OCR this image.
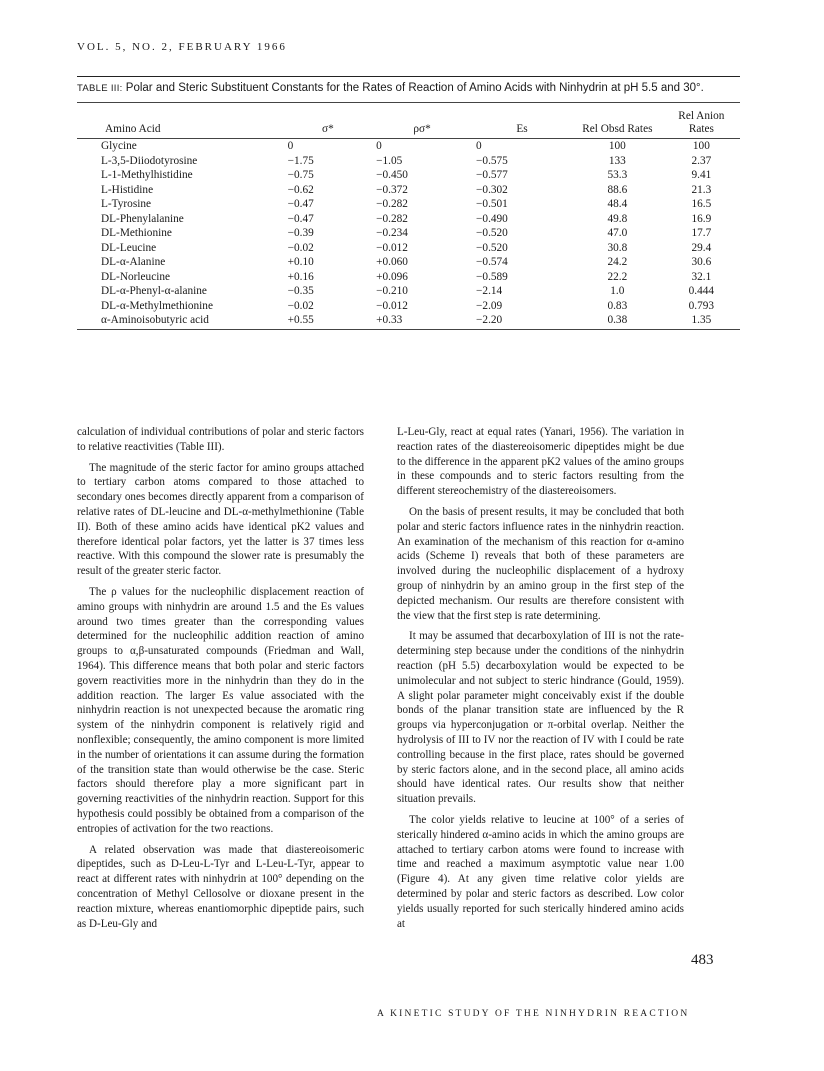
VOL. 5, NO. 2, FEBRUARY 1966
TABLE III: Polar and Steric Substituent Constants for the Rates of Reaction of Amino Acids with Ninhydrin at pH 5.5 and 30°.
Amino Acid	σ*	ρσ*	Es	Rel Obsd Rates	Rel Anion Rates
Glycine	0	0	0	100	100
L-3,5-Diiodotyrosine	−1.75	−1.05	−0.575	133	2.37
L-1-Methylhistidine	−0.75	−0.450	−0.577	53.3	9.41
L-Histidine	−0.62	−0.372	−0.302	88.6	21.3
L-Tyrosine	−0.47	−0.282	−0.501	48.4	16.5
DL-Phenylalanine	−0.47	−0.282	−0.490	49.8	16.9
DL-Methionine	−0.39	−0.234	−0.520	47.0	17.7
DL-Leucine	−0.02	−0.012	−0.520	30.8	29.4
DL-α-Alanine	+0.10	+0.060	−0.574	24.2	30.6
DL-Norleucine	+0.16	+0.096	−0.589	22.2	32.1
DL-α-Phenyl-α-alanine	−0.35	−0.210	−2.14	1.0	0.444
DL-α-Methylmethionine	−0.02	−0.012	−2.09	0.83	0.793
α-Aminoisobutyric acid	+0.55	+0.33	−2.20	0.38	1.35

calculation of individual contributions of polar and steric factors to relative reactivities (Table III).

The magnitude of the steric factor for amino groups attached to tertiary carbon atoms compared to those attached to secondary ones becomes directly apparent from a comparison of relative rates of DL-leucine and DL-α-methylmethionine (Table II). Both of these amino acids have identical pK2 values and therefore identical polar factors, yet the latter is 37 times less reactive. With this compound the slower rate is presumably the result of the greater steric factor.

The ρ values for the nucleophilic displacement reaction of amino groups with ninhydrin are around 1.5 and the Es values around two times greater than the corresponding values determined for the nucleophilic addition reaction of amino groups to α,β-unsaturated compounds (Friedman and Wall, 1964). This difference means that both polar and steric factors govern reactivities more in the ninhydrin than they do in the addition reaction. The larger Es value associated with the ninhydrin reaction is not unexpected because the aromatic ring system of the ninhydrin component is relatively rigid and nonflexible; consequently, the amino component is more limited in the number of orientations it can assume during the formation of the transition state than would otherwise be the case. Steric factors should therefore play a more significant part in governing reactivities of the ninhydrin reaction. Support for this hypothesis could possibly be obtained from a comparison of the entropies of activation for the two reactions.

A related observation was made that diastereoisomeric dipeptides, such as D-Leu-L-Tyr and L-Leu-L-Tyr, appear to react at different rates with ninhydrin at 100° depending on the concentration of Methyl Cellosolve or dioxane present in the reaction mixture, whereas enantiomorphic dipeptide pairs, such as D-Leu-Gly and

L-Leu-Gly, react at equal rates (Yanari, 1956). The variation in reaction rates of the diastereoisomeric dipeptides might be due to the difference in the apparent pK2 values of the amino groups in these compounds and to steric factors resulting from the different stereochemistry of the diastereoisomers.

On the basis of present results, it may be concluded that both polar and steric factors influence rates in the ninhydrin reaction. An examination of the mechanism of this reaction for α-amino acids (Scheme I) reveals that both of these parameters are involved during the nucleophilic displacement of a hydroxy group of ninhydrin by an amino group in the first step of the depicted mechanism. Our results are therefore consistent with the view that the first step is rate determining.

It may be assumed that decarboxylation of III is not the rate-determining step because under the conditions of the ninhydrin reaction (pH 5.5) decarboxylation would be expected to be unimolecular and not subject to steric hindrance (Gould, 1959). A slight polar parameter might conceivably exist if the double bonds of the planar transition state are influenced by the R groups via hyperconjugation or π-orbital overlap. Neither the hydrolysis of III to IV nor the reaction of IV with I could be rate controlling because in the first place, rates should be governed by steric factors alone, and in the second place, all amino acids should have identical rates. Our results show that neither situation prevails.

The color yields relative to leucine at 100° of a series of sterically hindered α-amino acids in which the amino groups are attached to tertiary carbon atoms were found to increase with time and reached a maximum asymptotic value near 1.00 (Figure 4). At any given time relative color yields are determined by polar and steric factors as described. Low color yields usually reported for such sterically hindered amino acids at

483
A KINETIC STUDY OF THE NINHYDRIN REACTION
